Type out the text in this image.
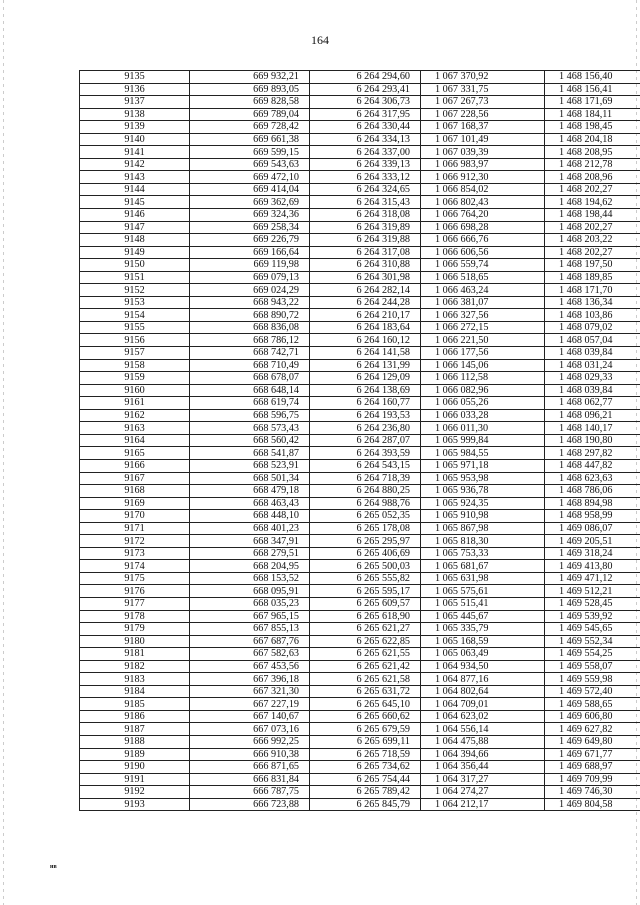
164
9135	669 932,21	6 264 294,60	1 067 370,92	1 468 156,40
9136	669 893,05	6 264 293,41	1 067 331,75	1 468 156,41
9137	669 828,58	6 264 306,73	1 067 267,73	1 468 171,69
9138	669 789,04	6 264 317,95	1 067 228,56	1 468 184,11
9139	669 728,42	6 264 330,44	1 067 168,37	1 468 198,45
9140	669 661,38	6 264 334,13	1 067 101,49	1 468 204,18
9141	669 599,15	6 264 337,00	1 067 039,39	1 468 208,95
9142	669 543,63	6 264 339,13	1 066 983,97	1 468 212,78
9143	669 472,10	6 264 333,12	1 066 912,30	1 468 208,96
9144	669 414,04	6 264 324,65	1 066 854,02	1 468 202,27
9145	669 362,69	6 264 315,43	1 066 802,43	1 468 194,62
9146	669 324,36	6 264 318,08	1 066 764,20	1 468 198,44
9147	669 258,34	6 264 319,89	1 066 698,28	1 468 202,27
9148	669 226,79	6 264 319,88	1 066 666,76	1 468 203,22
9149	669 166,64	6 264 317,08	1 066 606,56	1 468 202,27
9150	669 119,98	6 264 310,88	1 066 559,74	1 468 197,50
9151	669 079,13	6 264 301,98	1 066 518,65	1 468 189,85
9152	669 024,29	6 264 282,14	1 066 463,24	1 468 171,70
9153	668 943,22	6 264 244,28	1 066 381,07	1 468 136,34
9154	668 890,72	6 264 210,17	1 066 327,56	1 468 103,86
9155	668 836,08	6 264 183,64	1 066 272,15	1 468 079,02
9156	668 786,12	6 264 160,12	1 066 221,50	1 468 057,04
9157	668 742,71	6 264 141,58	1 066 177,56	1 468 039,84
9158	668 710,49	6 264 131,99	1 066 145,06	1 468 031,24
9159	668 678,07	6 264 129,09	1 066 112,58	1 468 029,33
9160	668 648,14	6 264 138,69	1 066 082,96	1 468 039,84
9161	668 619,74	6 264 160,77	1 066 055,26	1 468 062,77
9162	668 596,75	6 264 193,53	1 066 033,28	1 468 096,21
9163	668 573,43	6 264 236,80	1 066 011,30	1 468 140,17
9164	668 560,42	6 264 287,07	1 065 999,84	1 468 190,80
9165	668 541,87	6 264 393,59	1 065 984,55	1 468 297,82
9166	668 523,91	6 264 543,15	1 065 971,18	1 468 447,82
9167	668 501,34	6 264 718,39	1 065 953,98	1 468 623,63
9168	668 479,18	6 264 880,25	1 065 936,78	1 468 786,06
9169	668 463,43	6 264 988,76	1 065 924,35	1 468 894,98
9170	668 448,10	6 265 052,35	1 065 910,98	1 468 958,99
9171	668 401,23	6 265 178,08	1 065 867,98	1 469 086,07
9172	668 347,91	6 265 295,97	1 065 818,30	1 469 205,51
9173	668 279,51	6 265 406,69	1 065 753,33	1 469 318,24
9174	668 204,95	6 265 500,03	1 065 681,67	1 469 413,80
9175	668 153,52	6 265 555,82	1 065 631,98	1 469 471,12
9176	668 095,91	6 265 595,17	1 065 575,61	1 469 512,21
9177	668 035,23	6 265 609,57	1 065 515,41	1 469 528,45
9178	667 965,15	6 265 618,90	1 065 445,67	1 469 539,92
9179	667 855,13	6 265 621,27	1 065 335,79	1 469 545,65
9180	667 687,76	6 265 622,85	1 065 168,59	1 469 552,34
9181	667 582,63	6 265 621,55	1 065 063,49	1 469 554,25
9182	667 453,56	6 265 621,42	1 064 934,50	1 469 558,07
9183	667 396,18	6 265 621,58	1 064 877,16	1 469 559,98
9184	667 321,30	6 265 631,72	1 064 802,64	1 469 572,40
9185	667 227,19	6 265 645,10	1 064 709,01	1 469 588,65
9186	667 140,67	6 265 660,62	1 064 623,02	1 469 606,80
9187	667 073,16	6 265 679,59	1 064 556,14	1 469 627,82
9188	666 992,25	6 265 699,11	1 064 475,88	1 469 649,80
9189	666 910,38	6 265 718,59	1 064 394,66	1 469 671,77
9190	666 871,65	6 265 734,62	1 064 356,44	1 469 688,97
9191	666 831,84	6 265 754,44	1 064 317,27	1 469 709,99
9192	666 787,75	6 265 789,42	1 064 274,27	1 469 746,30
9193	666 723,88	6 265 845,79	1 064 212,17	1 469 804,58
нв
